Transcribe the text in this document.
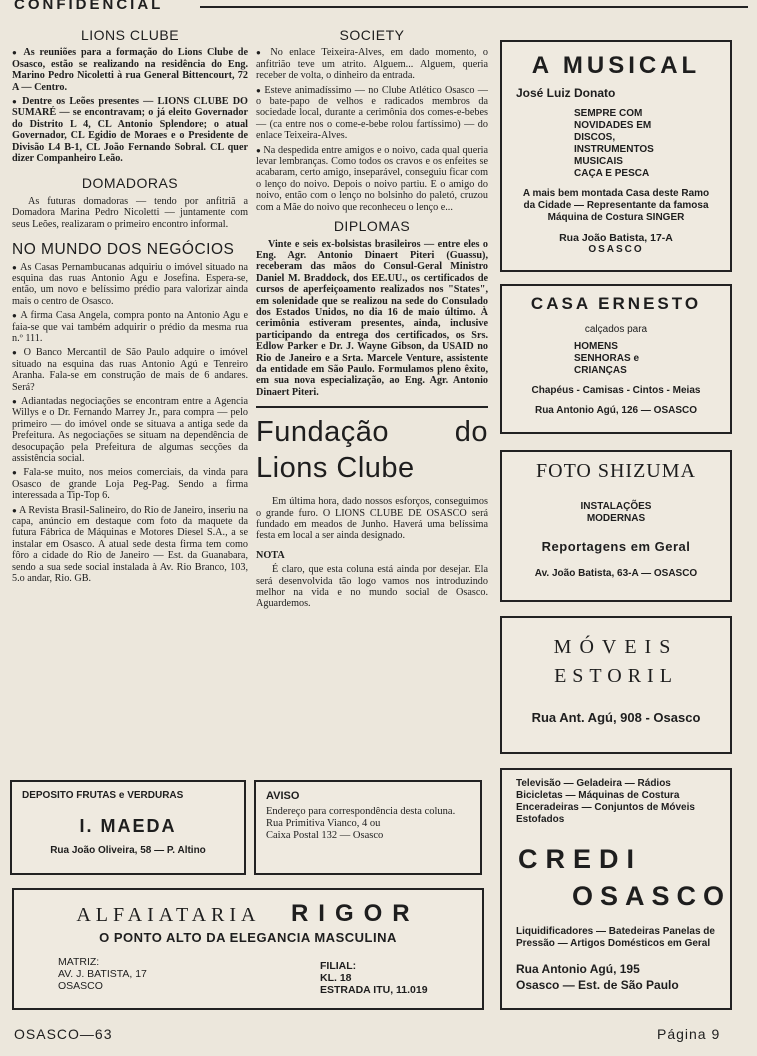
CONFIDENCIAL
LIONS CLUBE

● As reuniões para a formação do Lions Clube de Osasco, estão se realizando na residência do Eng. Marino Pedro Nicoletti à rua General Bittencourt, 72 A — Centro.

● Dentre os Leões presentes — LIONS CLUBE DO SUMARÉ — se encontravam; o já eleito Governador do Distrito L 4, CL Antonio Splendore; o atual Governador, CL Egidio de Moraes e o Presidente de Divisão L4 B-1, CL João Fernando Sobral. CL quer dizer Companheiro Leão.

DOMADORAS

As futuras domadoras — tendo por anfitriã a Domadora Marina Pedro Nicoletti — juntamente com seus Leões, realizaram o primeiro encontro informal.

NO MUNDO DOS NEGÓCIOS

● As Casas Pernambucanas adquiriu o imóvel situado na esquina das ruas Antonio Agu e Josefina. Espera-se, então, um novo e belíssimo prédio para valorizar ainda mais o centro de Osasco.

● A firma Casa Angela, compra ponto na Antonio Agu e faia-se que vai também adquirir o prédio da mesma rua n.º 111.

● O Banco Mercantil de São Paulo adquire o imóvel situado na esquina das ruas Antonio Agú e Tenreiro Aranha. Fala-se em construção de mais de 6 andares. Será?

● Adiantadas negociações se encontram entre a Agencia Willys e o Dr. Fernando Marrey Jr., para compra — pelo primeiro — do imóvel onde se situava a antiga sede da Prefeitura. As negociações se situam na dependência de desocupação pela Prefeitura de algumas secções da assistência social.

● Fala-se muito, nos meios comerciais, da vinda para Osasco de grande Loja Peg-Pag. Sendo a firma interessada a Tip-Top 6.

● A Revista Brasil-Salineiro, do Rio de Janeiro, inseriu na capa, anúncio em destaque com foto da maquete da futura Fábrica de Máquinas e Motores Diesel S.A., a se instalar em Osasco. A atual sede desta firma tem como fôro a cidade do Rio de Janeiro — Est. da Guanabara, sendo a sua sede social instalada à Av. Rio Branco, 103, 5.o andar, Rio. GB.

SOCIETY

● No enlace Teixeira-Alves, em dado momento, o anfitrião teve um atrito. Alguem... Alguem, queria receber de volta, o dinheiro da entrada.

● Esteve animadíssimo — no Clube Atlético Osasco — o bate-papo de velhos e radicados membros da sociedade local, durante a cerimônia dos comes-e-bebes — (ca entre nos o come-e-bebe rolou fartíssimo) — do enlace Teixeira-Alves.

● Na despedida entre amigos e o noivo, cada qual queria levar lembranças. Como todos os cravos e os enfeites se acabaram, certo amigo, inseparável, conseguiu ficar com o lenço do noivo. Depois o noivo partiu. E o amigo do noivo, então com o lenço no bolsinho do paletó, cruzou com a Mãe do noivo que reconheceu o lenço e...

DIPLOMAS

Vinte e seis ex-bolsistas brasileiros — entre eles o Eng. Agr. Antonio Dinaert Piteri (Guassu), receberam das mãos do Consul-Geral Ministro Daniel M. Braddock, dos EE.UU., os certificados de cursos de aperfeiçoamento realizados nos "States", em solenidade que se realizou na sede do Consulado dos Estados Unidos, no dia 16 de maio último. À cerimônia estiveram presentes, ainda, inclusive participando da entrega dos certificados, os Srs. Edlow Parker e Dr. J. Wayne Gibson, da USAID no Rio de Janeiro e a Srta. Marcele Venture, assistente da entidade em São Paulo. Formulamos pleno êxito, em sua nova especialização, ao Eng. Agr. Antonio Dinaert Piteri.

Fundação do Lions Clube

Em última hora, dado nossos esforços, conseguimos o grande furo. O LIONS CLUBE DE OSASCO será fundado em meados de Junho. Haverá uma belíssima festa em local a ser ainda designado.

NOTA

É claro, que esta coluna está ainda por desejar. Ela será desenvolvida tão logo vamos nos introduzindo melhor na vida e no mundo social de Osasco. Aguardemos.

A MUSICAL
José Luiz Donato
SEMPRE COM
NOVIDADES EM
DISCOS,
INSTRUMENTOS
MUSICAIS
CAÇA E PESCA
A mais bem montada Casa deste Ramo da Cidade — Representante da famosa Máquina de Costura SINGER
Rua João Batista, 17-A
OSASCO
CASA ERNESTO
calçados para
HOMENS
SENHORAS e
CRIANÇAS
Chapéus - Camisas - Cintos - Meias
Rua Antonio Agú, 126 — OSASCO
FOTO SHIZUMA
INSTALAÇÕES
MODERNAS
Reportagens em Geral
Av. João Batista, 63-A — OSASCO
MÓVEIS
ESTORIL
Rua Ant. Agú, 908 - Osasco
Televisão — Geladeira — Rádios Bicicletas — Máquinas de Costura Enceradeiras — Conjuntos de Móveis Estofados
CREDI
OSASCO
Liquidificadores — Batedeiras Panelas de Pressão — Artigos Domésticos em Geral
Rua Antonio Agú, 195
Osasco — Est. de São Paulo
DEPOSITO FRUTAS e VERDURAS
I. MAEDA
Rua João Oliveira, 58 — P. Altino
AVISO
Endereço para correspondência desta coluna.
Rua Primitiva Vianco, 4 ou
Caixa Postal 132 — Osasco
ALFAIATARIA RIGOR
O PONTO ALTO DA ELEGANCIA MASCULINA
MATRIZ:
AV. J. BATISTA, 17
OSASCO
FILIAL:
KL. 18
ESTRADA ITU, 11.019
OSASCO—63	Página 9
